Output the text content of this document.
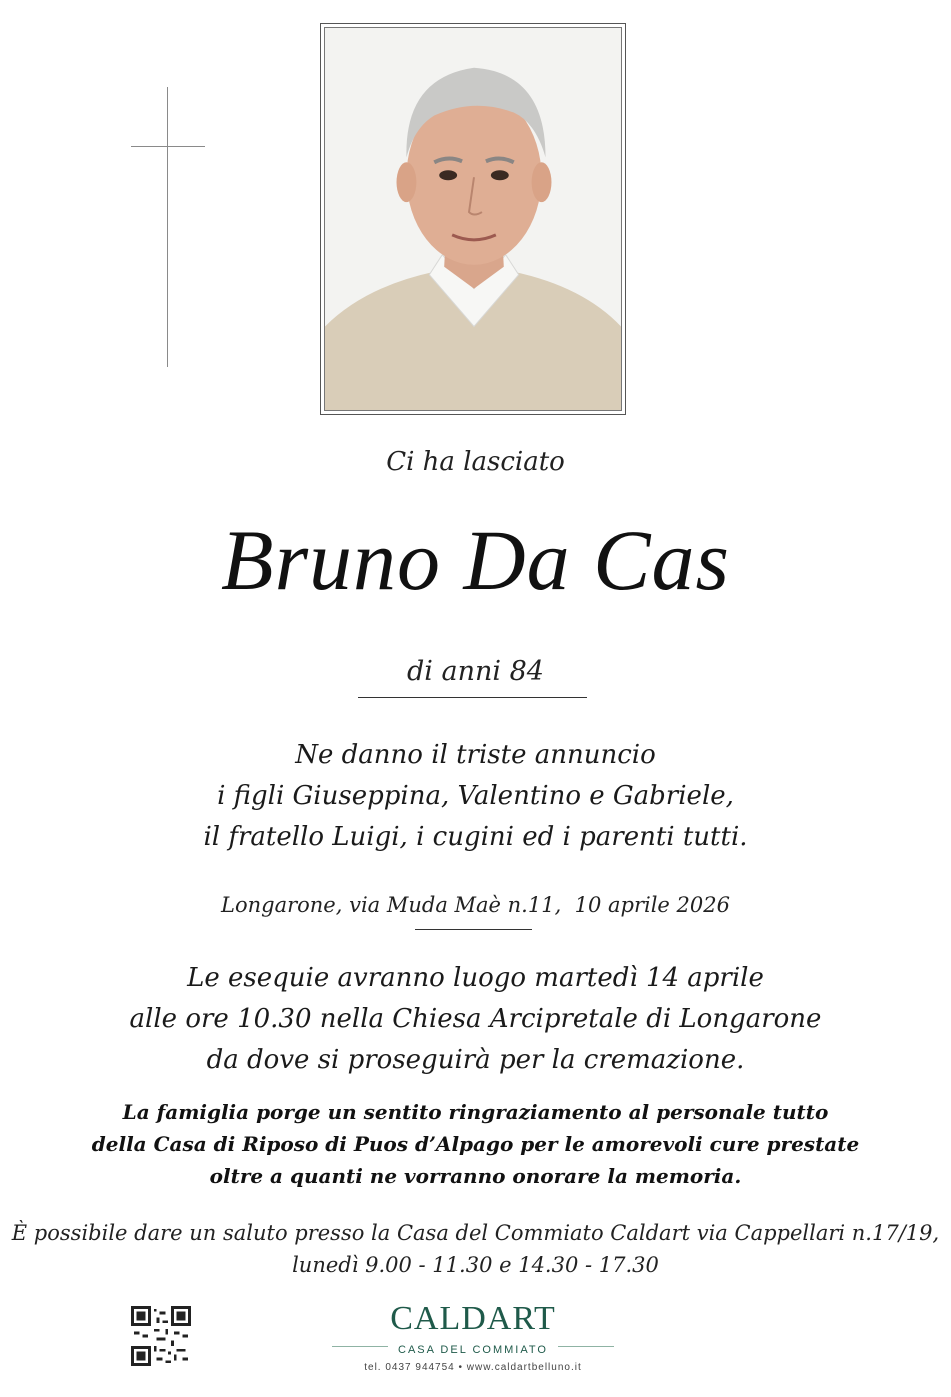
Ci ha lasciato
Bruno Da Cas
di anni 84
Ne danno il triste annuncio
i figli Giuseppina, Valentino e Gabriele,
il fratello Luigi, i cugini ed i parenti tutti.
Longarone, via Muda Maè n.11,  10 aprile 2026
Le esequie avranno luogo martedì 14 aprile
alle ore 10.30 nella Chiesa Arcipretale di Longarone
da dove si proseguirà per la cremazione.
La famiglia porge un sentito ringraziamento al personale tutto
della Casa di Riposo di Puos d’Alpago per le amorevoli cure prestate
oltre a quanti ne vorranno onorare la memoria.
È possibile dare un saluto presso la Casa del Commiato Caldart via Cappellari n.17/19,
lunedì 9.00 - 11.30 e 14.30 - 17.30
CALDART
CASA DEL COMMIATO
tel. 0437 944754 • www.caldartbelluno.it
